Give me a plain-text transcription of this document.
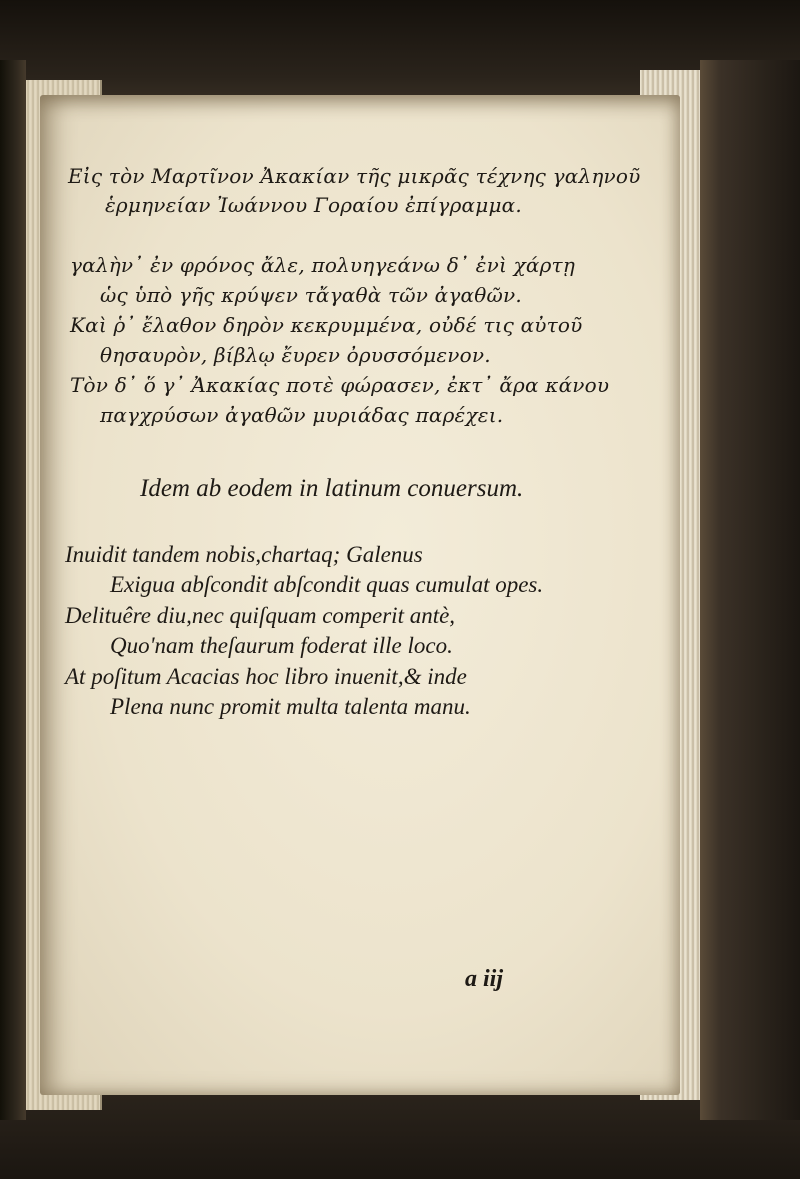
Εἰς τὸν Μαρτῖνον Ἀκακίαν τῆς μικρᾶς τέχνης γαληνοῦ
ἑρμηνείαν Ἰωάννου Γοραίου ἐπίγραμμα.
γαλὴν᾿ ἐν φρόνος ἄλε, πολυηγεάνω δ᾿ ἐνὶ χάρτῃ
ὡς ὑπὸ γῆς κρύψεν τἄγαθὰ τῶν ἀγαθῶν.
Καὶ ῥ᾿ ἔλαθον δηρὸν κεκρυμμένα, οὐδέ τις αὐτοῦ
θησαυρὸν, βίβλῳ ἔυρεν ὀρυσσόμενον.
Τὸν δ᾿ ὅ γ᾿ Ἀκακίας ποτὲ φώρασεν, ἐκτ᾿ ἄρα κάνου
παγχρύσων ἀγαθῶν μυριάδας παρέχει.
Idem ab eodem in latinum conuersum.
Inuidit tandem nobis,chartaq; Galenus
Exigua abſcondit abſcondit quas cumulat opes.
Delituêre diu,nec quiſquam comperit antè,
Quo'nam theſaurum foderat ille loco.
At poſitum Acacias hoc libro inuenit,& inde
Plena nunc promit multa talenta manu.
a iij
